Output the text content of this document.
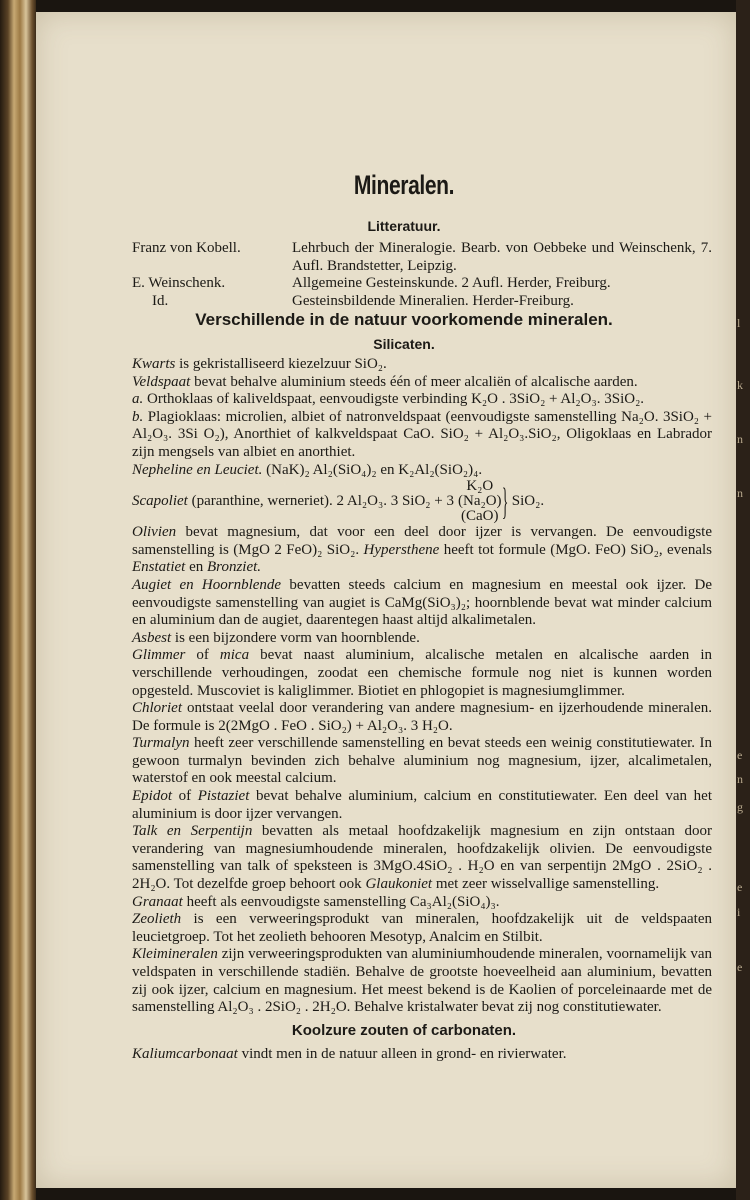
l
k
n
n
e
n
g
e
i
e
Mineralen.
Litteratuur.
Franz von Kobell.	Lehrbuch der Mineralogie. Bearb. von Oebbeke und Weinschenk, 7. Aufl. Brandstetter, Leipzig.
E. Weinschenk.	Allgemeine Gesteinskunde. 2 Aufl. Herder, Freiburg.
Id.	Gesteinsbildende Mineralien. Herder-Freiburg.
Verschillende in de natuur voorkomende mineralen.
Silicaten.

Kwarts is gekristalliseerd kiezelzuur SiO₂.

Veldspaat bevat behalve aluminium steeds één of meer alcaliën of alcalische aarden.

a. Orthoklaas of kaliveldspaat, eenvoudigste verbinding K₂O . 3SiO₂ + Al₂O₃. 3SiO₂.

b. Plagioklaas: microlien, albiet of natronveldspaat (eenvoudigste samenstelling Na₂O. 3SiO₂ + Al₂O₃. 3Si O₂), Anorthiet of kalkveldspaat CaO. SiO₂ + Al₂O₃.SiO₂, Oligoklaas en Labrador zijn mengsels van albiet en anorthiet.

Nepheline en Leuciet. (NaK)₂ Al₂(SiO₄)₂ en K₂Al₂(SiO₂)₄.

Scapoliet (paranthine, werneriet). 2 Al₂O₃. 3 SiO₂ + 3
K₂O
(Na₂O)
(CaO) } SiO₂.

Olivien bevat magnesium, dat voor een deel door ijzer is vervangen. De eenvoudigste samenstelling is (MgO 2 FeO)₂ SiO₂. Hypersthene heeft tot formule (MgO. FeO) SiO₂, evenals Enstatiet en Bronziet.

Augiet en Hoornblende bevatten steeds calcium en magnesium en meestal ook ijzer. De eenvoudigste samenstelling van augiet is CaMg(SiO₃)₂; hoornblende bevat wat minder calcium en aluminium dan de augiet, daarentegen haast altijd alkalimetalen.

Asbest is een bijzondere vorm van hoornblende.

Glimmer of mica bevat naast aluminium, alcalische metalen en alcalische aarden in verschillende verhoudingen, zoodat een chemische formule nog niet is kunnen worden opgesteld. Muscoviet is kaliglimmer. Biotiet en phlogopiet is magnesiumglimmer.

Chloriet ontstaat veelal door verandering van andere magnesium- en ijzerhoudende mineralen. De formule is 2(2MgO . FeO . SiO₂) + Al₂O₃. 3 H₂O.

Turmalyn heeft zeer verschillende samenstelling en bevat steeds een weinig constitutiewater. In gewoon turmalyn bevinden zich behalve aluminium nog magnesium, ijzer, alcalimetalen, waterstof en ook meestal calcium.

Epidot of Pistaziet bevat behalve aluminium, calcium en constitutiewater. Een deel van het aluminium is door ijzer vervangen.

Talk en Serpentijn bevatten als metaal hoofdzakelijk magnesium en zijn ontstaan door verandering van magnesiumhoudende mineralen, hoofdzakelijk olivien. De eenvoudigste samenstelling van talk of speksteen is 3MgO.4SiO₂ . H₂O en van serpentijn 2MgO . 2SiO₂ . 2H₂O. Tot dezelfde groep behoort ook Glaukoniet met zeer wisselvallige samenstelling.

Granaat heeft als eenvoudigste samenstelling Ca₃Al₂(SiO₄)₃.

Zeolieth is een verweeringsprodukt van mineralen, hoofdzakelijk uit de veldspaaten leucietgroep. Tot het zeolieth behooren Mesotyp, Analcim en Stilbit.

Kleimineralen zijn verweeringsprodukten van aluminiumhoudende mineralen, voornamelijk van veldspaten in verschillende stadiën. Behalve de grootste hoeveelheid aan aluminium, bevatten zij ook ijzer, calcium en magnesium. Het meest bekend is de Kaolien of porceleinaarde met de samenstelling Al₂O₃ . 2SiO₂ . 2H₂O. Behalve kristalwater bevat zij nog constitutiewater.

Koolzure zouten of carbonaten.

Kaliumcarbonaat vindt men in de natuur alleen in grond- en rivierwater.
